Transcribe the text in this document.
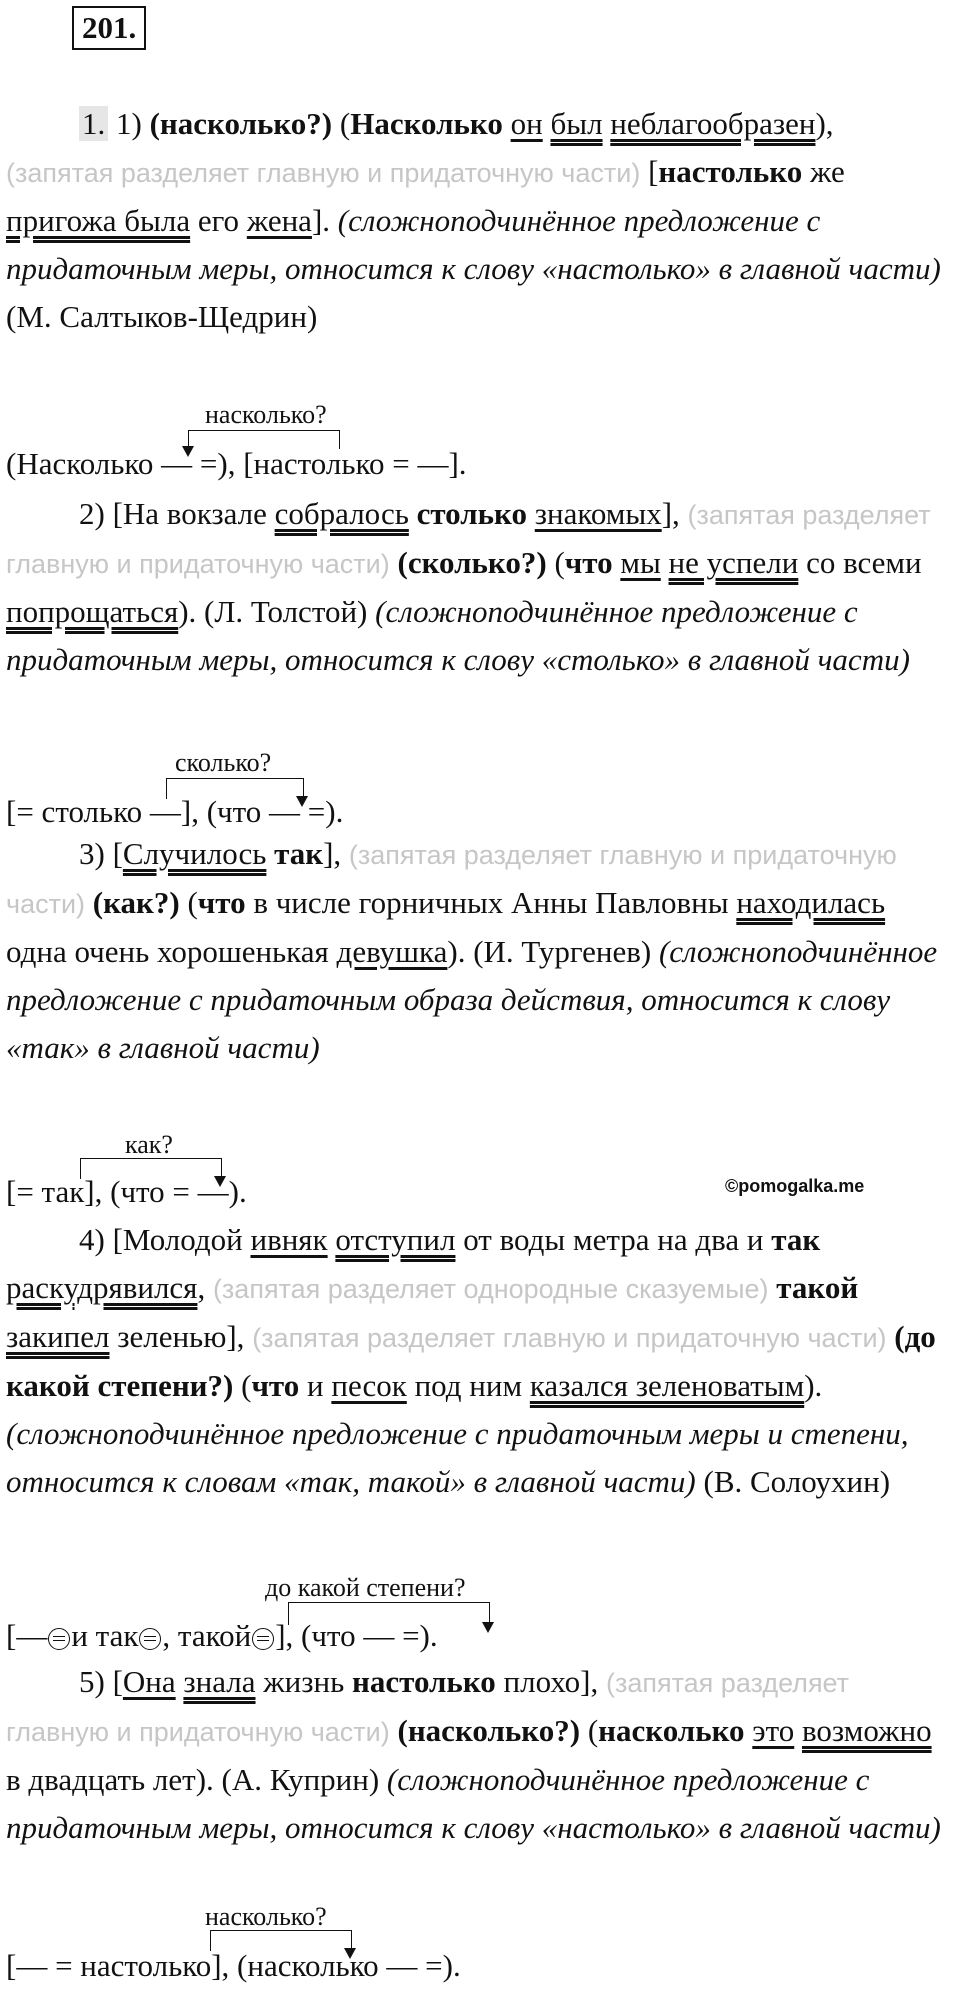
201.

1. 1) (насколько?) (Насколько он был неблагообразен), (запятая разделяет главную и придаточную части) [настолько же пригожа была его жена]. (сложноподчинённое предложение с придаточным меры, относится к слову «настолько» в главной части) (М. Салтыков-Щедрин)

насколько?
(Насколько — =), [настолько = —].

2) [На вокзале собралось столько знакомых], (запятая разделяет главную и придаточную части) (сколько?) (что мы не успели со всеми попрощаться). (Л. Толстой) (сложноподчинённое предложение с придаточным меры, относится к слову «столько» в главной части)

сколько?
[= столько —], (что — =).

3) [Случилось так], (запятая разделяет главную и придаточную части) (как?) (что в числе горничных Анны Павловны находилась одна очень хорошенькая девушка). (И. Тургенев) (сложноподчинённое предложение с придаточным образа действия, относится к слову «так» в главной части)

как?
[= так], (что = —).	©pomogalka.me

4) [Молодой ивняк отступил от воды метра на два и так раскудрявился, (запятая разделяет однородные сказуемые) такой закипел зеленью], (запятая разделяет главную и придаточную части) (до какой степени?) (что и песок под ним казался зеленоватым). (сложноподчинённое предложение с придаточным меры и степени, относится к словам «так, такой» в главной части) (В. Солоухин)

до какой степени?
[— и так , такой ], (что — =).

5) [Она знала жизнь настолько плохо], (запятая разделяет главную и придаточную части) (насколько?) (насколько это возможно в двадцать лет). (А. Куприн) (сложноподчинённое предложение с придаточным меры, относится к слову «настолько» в главной части)

насколько?
[— = настолько], (насколько — =).
